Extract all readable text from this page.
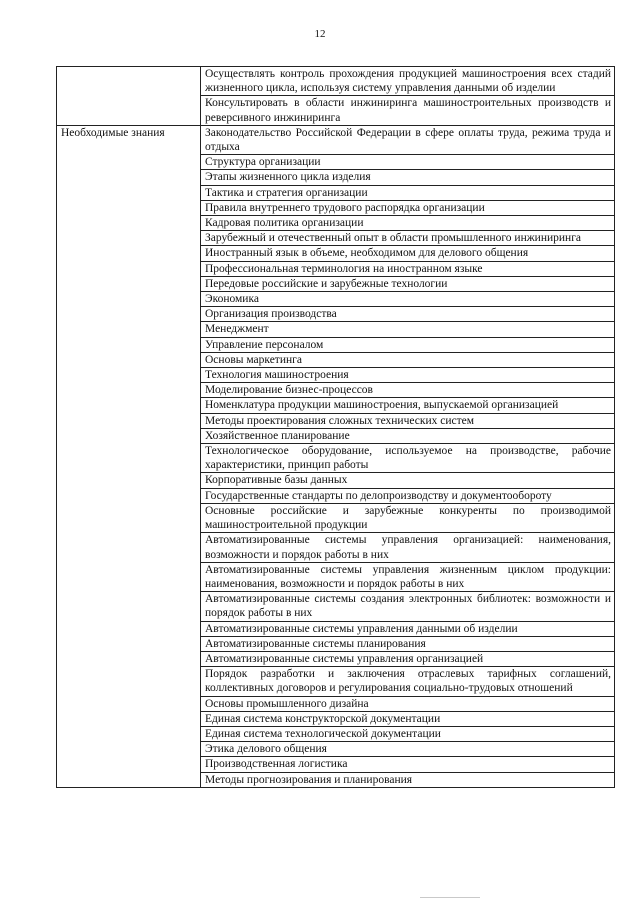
12
	Осуществлять контроль прохождения продукцией машиностроения всех стадий жизненного цикла, используя систему управления данными об изделии
	Консультировать в области инжиниринга машиностроительных производств и реверсивного инжиниринга
Необходимые знания	Законодательство Российской Федерации в сфере оплаты труда, режима труда и отдыха
	Структура организации
	Этапы жизненного цикла изделия
	Тактика и стратегия организации
	Правила внутреннего трудового распорядка организации
	Кадровая политика организации
	Зарубежный и отечественный опыт в области промышленного инжиниринга
	Иностранный язык в объеме, необходимом для делового общения
	Профессиональная терминология на иностранном языке
	Передовые российские и зарубежные технологии
	Экономика
	Организация производства
	Менеджмент
	Управление персоналом
	Основы маркетинга
	Технология машиностроения
	Моделирование бизнес-процессов
	Номенклатура продукции машиностроения, выпускаемой организацией
	Методы проектирования сложных технических систем
	Хозяйственное планирование
	Технологическое оборудование, используемое на производстве, рабочие характеристики, принцип работы
	Корпоративные базы данных
	Государственные стандарты по делопроизводству и документообороту
	Основные российские и зарубежные конкуренты по производимой машиностроительной продукции
	Автоматизированные системы управления организацией: наименования, возможности и порядок работы в них
	Автоматизированные системы управления жизненным циклом продукции: наименования, возможности и порядок работы в них
	Автоматизированные системы создания электронных библиотек: возможности и порядок работы в них
	Автоматизированные системы управления данными об изделии
	Автоматизированные системы планирования
	Автоматизированные системы управления организацией
	Порядок разработки и заключения отраслевых тарифных соглашений, коллективных договоров и регулирования социально-трудовых отношений
	Основы промышленного дизайна
	Единая система конструкторской документации
	Единая система технологической документации
	Этика делового общения
	Производственная логистика
	Методы прогнозирования и планирования
